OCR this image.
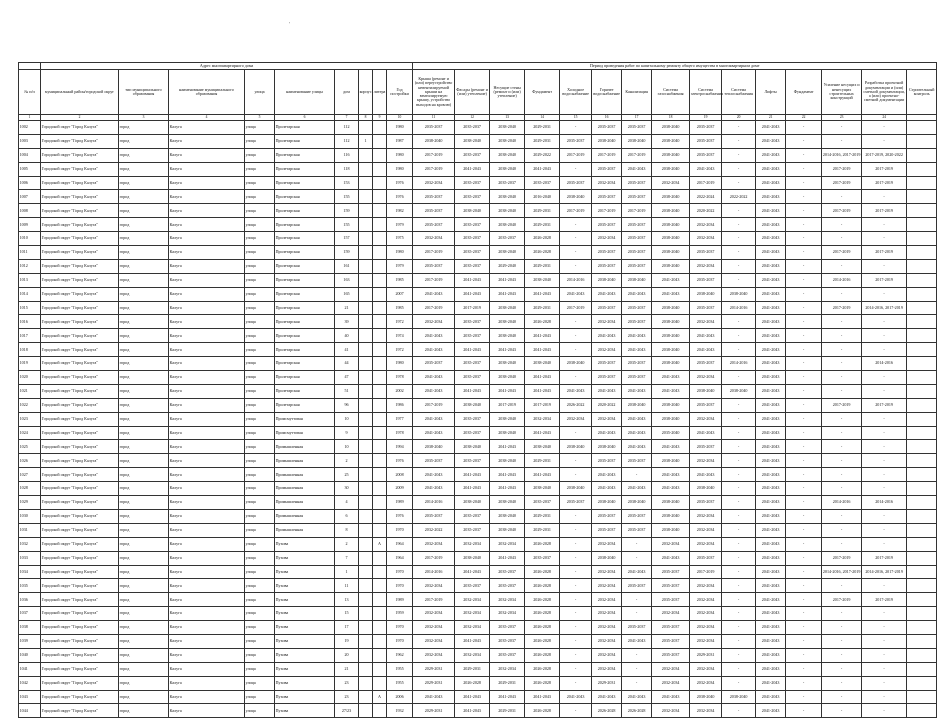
'
	Адрес многоквартирного дома									Период проведения работ по капитальному ремонту общего имущества в многоквартирном доме														
№ п/п	муниципальный район/городской округ	тип муниципального образования	наименование муниципального образования	улица	наименование улицы	дом	корпус	литера	Год постройки	Крыша (ремонт и (или) переустройство невентилируемой крыши на вентилируемую крышу, устройство выходов на кровлю)	Фасады (ремонт и (или) утепление)	Несущие стены (ремонт и (или) утепление)	Фундамент	Холодное водоснабжение	Горячее водоснабжение	Канализация	Система газоснабжения	Система электроснабжения	Система теплоснабжения	Лифты	Фундамент	Усиление несущих и ненесущих строительных конструкций	Разработка проектной документации и (или) сметной документации, а (или) проектно-сметной документации	Строительный контроль
1	2	3	4	5	6	7	8	9	10	11	12	13	14	15	16	17	18	19	20	21	22	23	24	
1002	Городской округ "Город Калуга"	город	Калуга	улица	Пролетарская	112			1980	2035-2037	2035-2037	2038-2040	2029-2031	-	2035-2037	2035-2037	2038-2040	2035-2037	-	2041-2043	-	-	-	
1003	Городской округ "Город Калуга"	город	Калуга	улица	Пролетарская	112	1		1987	2038-2040	2038-2040	2038-2040	2029-2031	2035-2037	2038-2040	2038-2040	2038-2040	2035-2037	-	2041-2043	-	-	-	
1004	Городской округ "Город Калуга"	город	Калуга	улица	Пролетарская	116			1980	2017-2019	2035-2037	2038-2040	2029-2022	2017-2019	2017-2019	2017-2019	2038-2040	2035-2037	-	2041-2043	-	2014-2016, 2017-2019	2017-2019, 2020-2022	
1005	Городской округ "Город Калуга"	город	Калуга	улица	Пролетарская	118			1980	2017-2019	2041-2043	2038-2040	2041-2043	-	2035-2037	2041-2043	2038-2040	2041-2043	-	2041-2043	-	2017-2019	2017-2019	
1006	Городской округ "Город Калуга"	город	Калуга	улица	Пролетарская	153			1976	2032-2034	2035-2037	2035-2037	2035-2037	2035-2037	2032-2034	2035-2037	2032-2034	2017-2019	-	2041-2043	-	2017-2019	2017-2019	
1007	Городской округ "Город Калуга"	город	Калуга	улица	Пролетарская	155			1976	2035-2037	2035-2037	2038-2040	2016-2040	2038-2040	2035-2037	2035-2037	2038-2040	2022-2024	2022-2022	2041-2043	-	-	-	
1008	Городской округ "Город Калуга"	город	Калуга	улица	Пролетарская	159			1982	2035-2037	2038-2040	2038-2040	2029-2031	2017-2019	2017-2019	2017-2019	2038-2040	2020-2022	-	2041-2043	-	2017-2019	2017-2019	
1009	Городской округ "Город Калуга"	город	Калуга	улица	Пролетарская	155			1979	2035-2037	2035-2037	2038-2040	2029-2031	-	2035-2037	2035-2037	2038-2040	2032-2034	-	2041-2043	-	-	-	
1010	Городской округ "Город Калуга"	город	Калуга	улица	Пролетарская	157			1975	2032-2034	2035-2037	2035-2037	2026-2028	-	2032-2034	2035-2037	2038-2040	2032-2034	-	2041-2043	-	-	-	
1011	Городской округ "Город Калуга"	город	Калуга	улица	Пролетарская	159			1980	2017-2019	2035-2037	2038-2040	2026-2028	-	2035-2037	2035-2037	2038-2040	2035-2037	-	2041-2043	-	2017-2019	2017-2019	
1012	Городской округ "Город Калуга"	город	Калуга	улица	Пролетарская	161			1979	2035-2037	2035-2037	2029-2040	2029-2031	-	2035-2037	2035-2037	2038-2040	2032-2034	-	2041-2043	-	-	-	
1013	Городской округ "Город Калуга"	город	Калуга	улица	Пролетарская	163			1985	2017-2019	2041-2043	2041-2043	2038-2040	2014-2016	2038-2040	2038-2040	2041-2043	2035-2037	-	2041-2043	-	2014-2016	2017-2019	
1014	Городской округ "Город Калуга"	город	Калуга	улица	Пролетарская	165			2007	2041-2043	2041-2043	2041-2043	2041-2043	2041-2043	2041-2043	2041-2043	2041-2043	2038-2040	2038-2040	2041-2043	-	-	-	
1015	Городской округ "Город Калуга"	город	Калуга	улица	Пролетарская	21			1985	2017-2019	2017-2019	2038-2040	2029-2031	2017-2019	2035-2037	2035-2037	2038-2040	2035-2037	2014-2016	2041-2043	-	2017-2019	2014-2016, 2017-2019	
1016	Городской округ "Город Калуга"	город	Калуга	улица	Пролетарская	39			1972	2032-2034	2035-2037	2038-2040	2026-2028	-	2032-2034	2035-2037	2038-2040	2032-2034	-	2041-2043	-	-	-	
1017	Городской округ "Город Калуга"	город	Калуга	улица	Пролетарская	40			1974	2041-2043	2035-2037	2038-2040	2041-2043	-	2041-2043	2041-2043	2038-2040	2041-2043	-	2041-2043	-	-	-	
1018	Городской округ "Город Калуга"	город	Калуга	улица	Пролетарская	41			1972	2041-2043	2041-2043	2041-2043	2041-2043	-	2032-2034	2041-2043	2038-2040	2041-2043	-	2041-2043	-	-	-	
1019	Городской округ "Город Калуга"	город	Калуга	улица	Пролетарская	44			1980	2035-2037	2035-2037	2038-2040	2038-2040	2038-2040	2035-2037	2035-2037	2038-2040	2035-2037	2014-2016	2041-2043	-	-	2014-2016	
1020	Городской округ "Город Калуга"	город	Калуга	улица	Пролетарская	47			1978	2041-2043	2035-2037	2038-2040	2041-2043	-	2035-2037	2035-2037	2041-2043	2032-2034	-	2041-2043	-	-	-	
1021	Городской округ "Город Калуга"	город	Калуга	улица	Пролетарская	51			2002	2041-2043	2041-2043	2041-2043	2041-2043	2041-2043	2041-2043	2041-2043	2041-2043	2038-2040	2038-2040	2041-2043	-	-	-	
1022	Городской округ "Город Калуга"	город	Калуга	улица	Пролетарская	96			1986	2017-2019	2038-2040	2017-2019	2017-2019	2026-2022	2020-2022	2038-2040	2038-2040	2035-2037	-	2041-2043	-	2017-2019	2017-2019	
1023	Городской округ "Город Калуга"	город	Калуга	улица	Промсмуттовая	10			1977	2041-2043	2035-2037	2038-2040	2032-2034	2032-2034	2032-2034	2041-2043	2038-2040	2032-2034	-	2041-2043	-	-	-	
1024	Городской округ "Город Калуга"	город	Калуга	улица	Промсмуттовая	9			1978	2041-2043	2035-2037	2038-2040	2041-2043	-	2041-2043	2041-2043	2035-2040	2041-2043	-	2041-2043	-	-	-	
1025	Городской округ "Город Калуга"	город	Калуга	улица	Промышленная	10			1994	2038-2040	2038-2040	2041-2043	2038-2040	2038-2040	2038-2040	2041-2043	2041-2043	2035-2037	-	2041-2043	-	-	-	
1026	Городской округ "Город Калуга"	город	Калуга	улица	Промышленная	2			1976	2035-2037	2035-2037	2038-2040	2029-2031	-	2035-2037	2035-2037	2038-2040	2032-2034	-	2041-2043	-	-	-	
1027	Городской округ "Город Калуга"	город	Калуга	улица	Промышленная	25			2008	2041-2043	2041-2043	2041-2043	2041-2043	-	2041-2043	-	2041-2043	2041-2043	-	2041-2043	-	-	-	
1028	Городской округ "Город Калуга"	город	Калуга	улица	Промышленная	30			2009	2041-2043	2041-2043	2041-2043	2038-2040	2038-2040	2041-2043	2041-2043	2041-2043	2038-2040	-	2041-2043	-	-	-	
1029	Городской округ "Город Калуга"	город	Калуга	улица	Промышленная	4			1989	2014-2016	2038-2040	2038-2040	2035-2037	2035-2037	2038-2040	2038-2040	2038-2040	2035-2037	-	2041-2043	-	2014-2016	2014-2016	
1030	Городской округ "Город Калуга"	город	Калуга	улица	Промышленная	6			1976	2035-2037	2035-2037	2038-2040	2029-2031	-	2035-2037	2035-2037	2038-2040	2032-2034	-	2041-2043	-	-	-	
1031	Городской округ "Город Калуга"	город	Калуга	улица	Промышленная	8			1970	2032-2022	2035-2037	2038-2040	2029-2031	-	2035-2037	2035-2037	2038-2040	2032-2034	-	2041-2043	-	-	-	
1032	Городской округ "Город Калуга"	город	Калуга	улица	Пухова	2		А	1964	2032-2034	2032-2034	2032-2034	2026-2028	-	2032-2034	-	2032-2034	2032-2034	-	2041-2043	-	-	-	
1033	Городской округ "Город Калуга"	город	Калуга	улица	Пухова	7			1964	2017-2019	2038-2040	2041-2043	2035-2037	-	2038-2040	-	2041-2043	2035-2037	-	2041-2043	-	2017-2019	2017-2019	
1034	Городской округ "Город Калуга"	город	Калуга	улица	Пухова	1			1970	2014-2016	2041-2043	2035-2037	2026-2028	-	2032-2034	2041-2043	2035-2037	2017-2019	-	2041-2043	-	2014-2016, 2017-2019	2014-2016, 2017-2019	
1035	Городской округ "Город Калуга"	город	Калуга	улица	Пухова	11			1970	2032-2034	2035-2037	2035-2037	2026-2028	-	2032-2034	2035-2037	2035-2037	2032-2034	-	2041-2043	-	-	-	
1036	Городской округ "Город Калуга"	город	Калуга	улица	Пухова	13			1989	2017-2019	2032-2034	2032-2034	2026-2028	-	2032-2034	-	2035-2037	2032-2034	-	2041-2043	-	2017-2019	2017-2019	
1037	Городской округ "Город Калуга"	город	Калуга	улица	Пухова	15			1959	2032-2034	2032-2034	2032-2034	2026-2028	-	2032-2034	-	2032-2034	2032-2034	-	2041-2043	-	-	-	
1038	Городской округ "Город Калуга"	город	Калуга	улица	Пухова	17			1970	2032-2034	2032-2034	2035-2037	2026-2028	-	2032-2034	2035-2037	2035-2037	2032-2034	-	2041-2043	-	-	-	
1039	Городской округ "Город Калуга"	город	Калуга	улица	Пухова	19			1970	2032-2034	2041-2043	2035-2037	2026-2028	-	2032-2034	2041-2043	2035-2037	2032-2034	-	2041-2043	-	-	-	
1040	Городской округ "Город Калуга"	город	Калуга	улица	Пухова	20			1962	2032-2034	2032-2034	2035-2037	2026-2028	-	2032-2034	-	2035-2037	2029-2031	-	2041-2043	-	-	-	
1041	Городской округ "Город Калуга"	город	Калуга	улица	Пухова	21			1955	2029-2031	2029-2031	2032-2034	2026-2028	-	2032-2034	-	2032-2034	2032-2034	-	2041-2043	-	-	-	
1042	Городской округ "Город Калуга"	город	Калуга	улица	Пухова	23			1955	2029-2031	2026-2028	2029-2031	2026-2028	-	2029-2031	-	2032-2034	2032-2034	-	2041-2043	-	-	-	
1043	Городской округ "Город Калуга"	город	Калуга	улица	Пухова	23		А	2006	2041-2043	2041-2043	2041-2043	2041-2043	2041-2043	2041-2043	2041-2043	2041-2043	2038-2040	2038-2040	2041-2043	-	-	-	
1044	Городской округ "Город Калуга"	город	Калуга	улица	Пухова	27/23			1932	2029-2031	2041-2043	2029-2031	2026-2028	-	2026-2028	2026-2028	2032-2034	2032-2034	-	2041-2043	-	-	-	
